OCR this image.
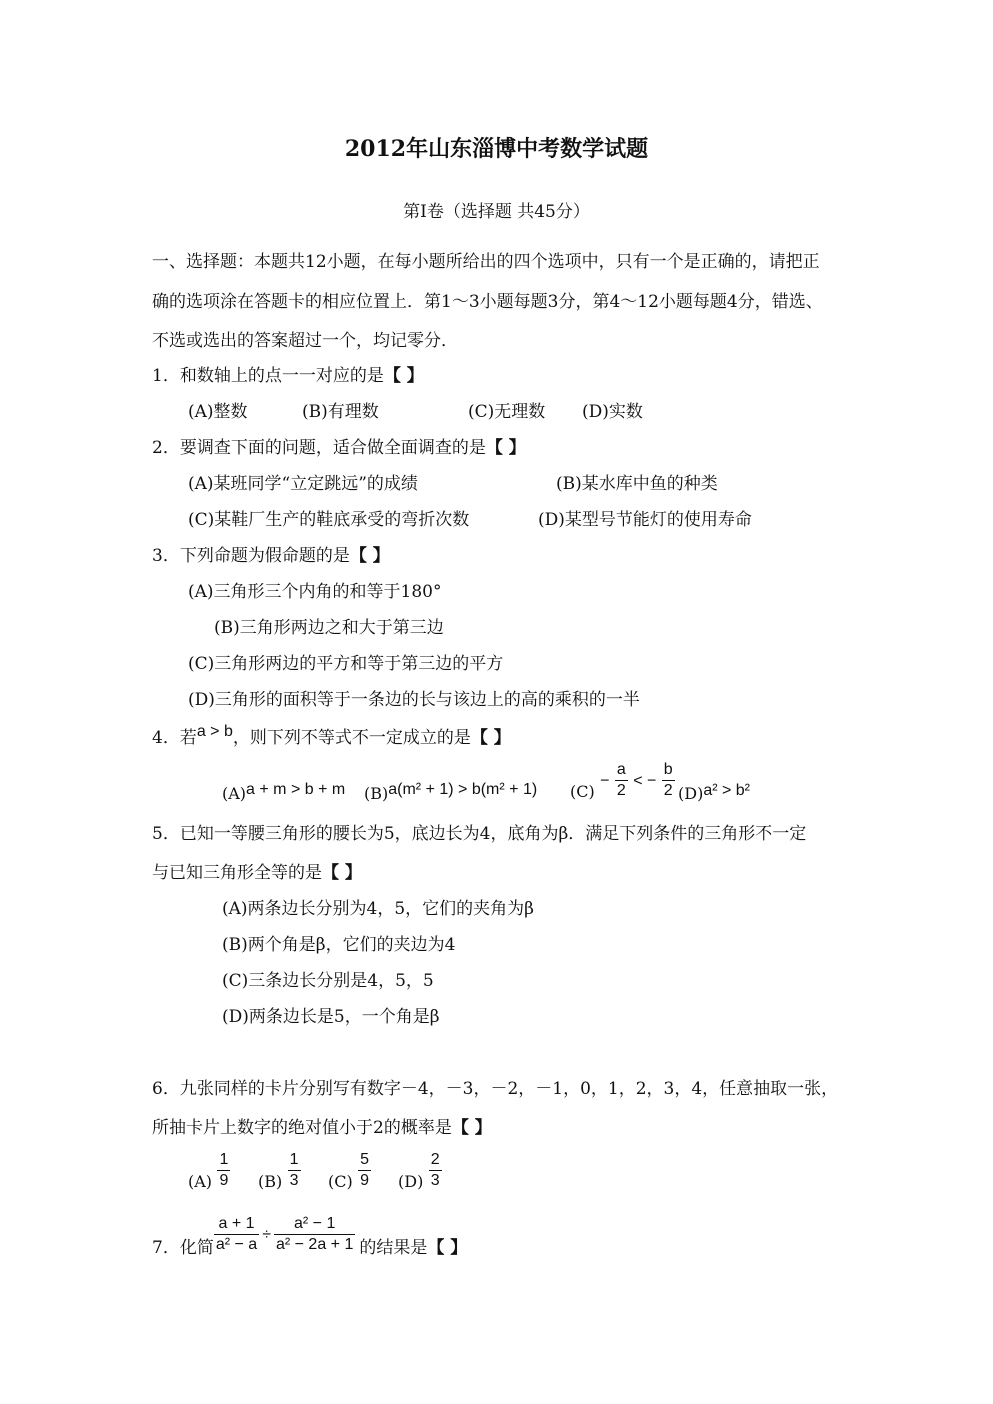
2012年山东淄博中考数学试题
第Ⅰ卷（选择题 共45分）
一、选择题：本题共12小题，在每小题所给出的四个选项中，只有一个是正确的，请把正
确的选项涂在答题卡的相应位置上．第1～3小题每题3分，第4～12小题每题4分，错选、
不选或选出的答案超过一个，均记零分．
1．和数轴上的点一一对应的是【 】
(A)整数	(B)有理数	(C)无理数 (D)实数
2．要调查下面的问题，适合做全面调查的是【 】
(A)某班同学“立定跳远”的成绩	(B)某水库中鱼的种类
(C)某鞋厂生产的鞋底承受的弯折次数	(D)某型号节能灯的使用寿命
3．下列命题为假命题的是【 】
(A)三角形三个内角的和等于180°
(B)三角形两边之和大于第三边
(C)三角形两边的平方和等于第三边的平方
(D)三角形的面积等于一条边的长与该边上的高的乘积的一半
4．若a > b，则下列不等式不一定成立的是【 】
(A)a + m > b + m (B)a(m² + 1) > b(m² + 1) $(C) - \frac{a}{2}$ < − $\frac{b}{2} (D)a^2 > b^2$
5．已知一等腰三角形的腰长为5，底边长为4，底角为β．满足下列条件的三角形不一定
与已知三角形全等的是【 】
(A)两条边长分别为4，5，它们的夹角为β
(B)两个角是β，它们的夹边为4
(C)三条边长分别是4，5，5
(D)两条边长是5，一个角是β
6．九张同样的卡片分别写有数字－4，－3，－2，－1，0，1，2，3，4，任意抽取一张，
所抽卡片上数字的绝对值小于2的概率是【 】
$(A) \frac{1}{9} (B) \frac{1}{3} (C) \frac{5}{9} (D) \frac{2}{3}$
7．化简 $\frac{a + 1}{\text{a² − a}} \div \frac{\text{a² − 1}}{\text{a² − 2a + 1}}$ 的结果是【 】
